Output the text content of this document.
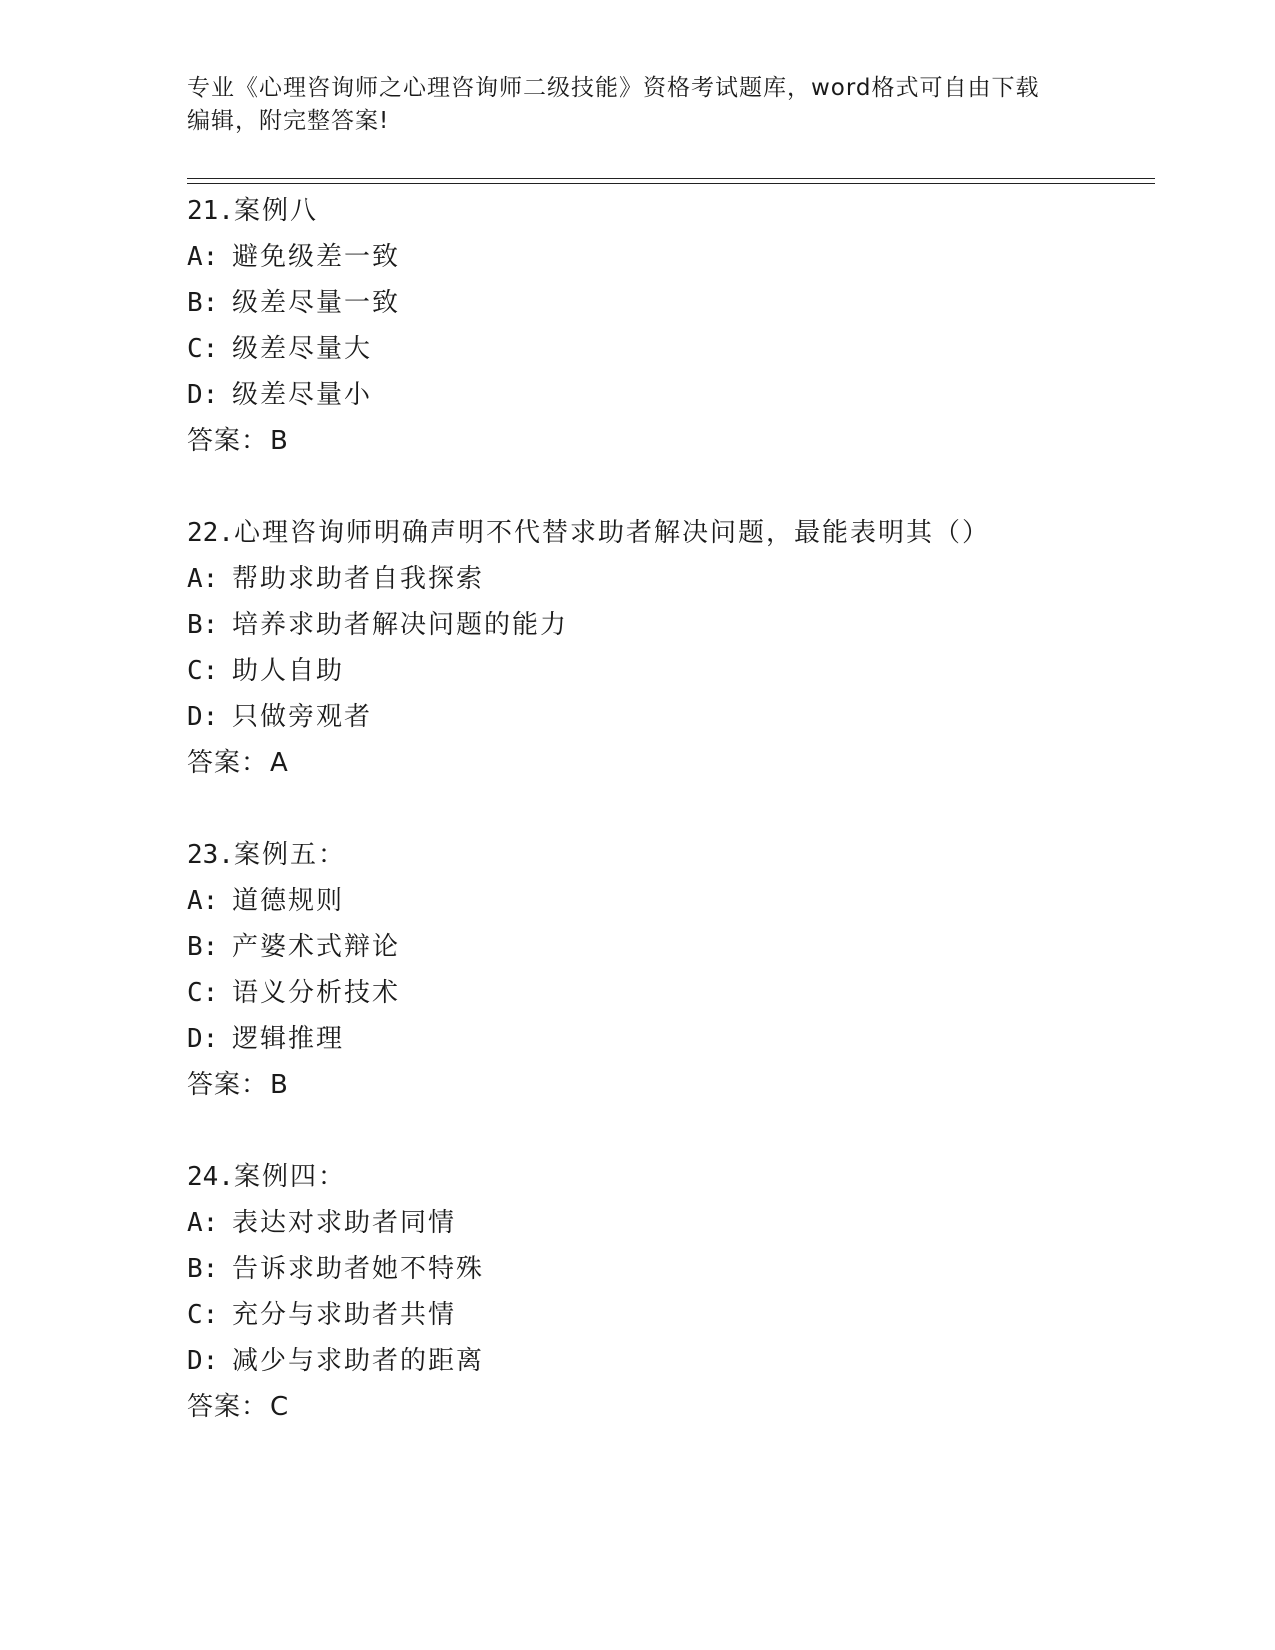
专业《心理咨询师之心理咨询师二级技能》资格考试题库，word格式可自由下载
编辑，附完整答案!
21.案例八
A: 避免级差一致
B: 级差尽量一致
C: 级差尽量大
D: 级差尽量小
答案：B
22.心理咨询师明确声明不代替求助者解决问题，最能表明其（）
A: 帮助求助者自我探索
B: 培养求助者解决问题的能力
C: 助人自助
D: 只做旁观者
答案：A
23.案例五：
A: 道德规则
B: 产婆术式辩论
C: 语义分析技术
D: 逻辑推理
答案：B
24.案例四：
A: 表达对求助者同情
B: 告诉求助者她不特殊
C: 充分与求助者共情
D: 减少与求助者的距离
答案：C
